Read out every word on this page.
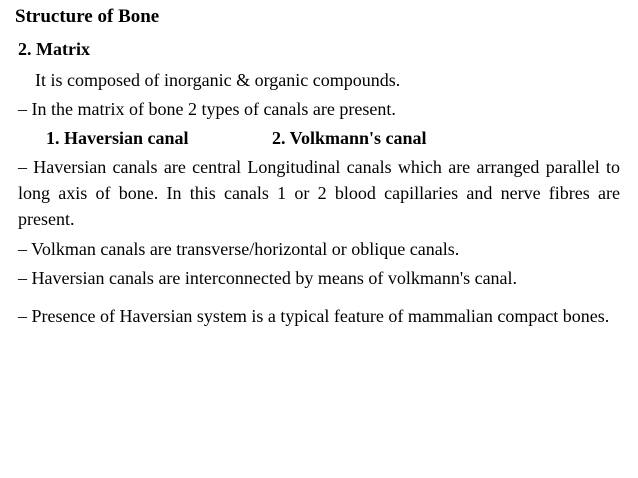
Structure of Bone
2. Matrix
It is composed of inorganic & organic compounds.
– In the matrix of bone 2 types of canals are present.
1. Haversian canal	2. Volkmann's canal
– Haversian canals are central Longitudinal canals which are arranged parallel to long axis of bone. In this canals 1 or 2 blood capillaries and nerve fibres are present.
– Volkman canals are transverse/horizontal or oblique canals.
– Haversian canals are interconnected by means of volkmann's canal.
– Presence of Haversian system is a typical feature of mammalian compact bones.
